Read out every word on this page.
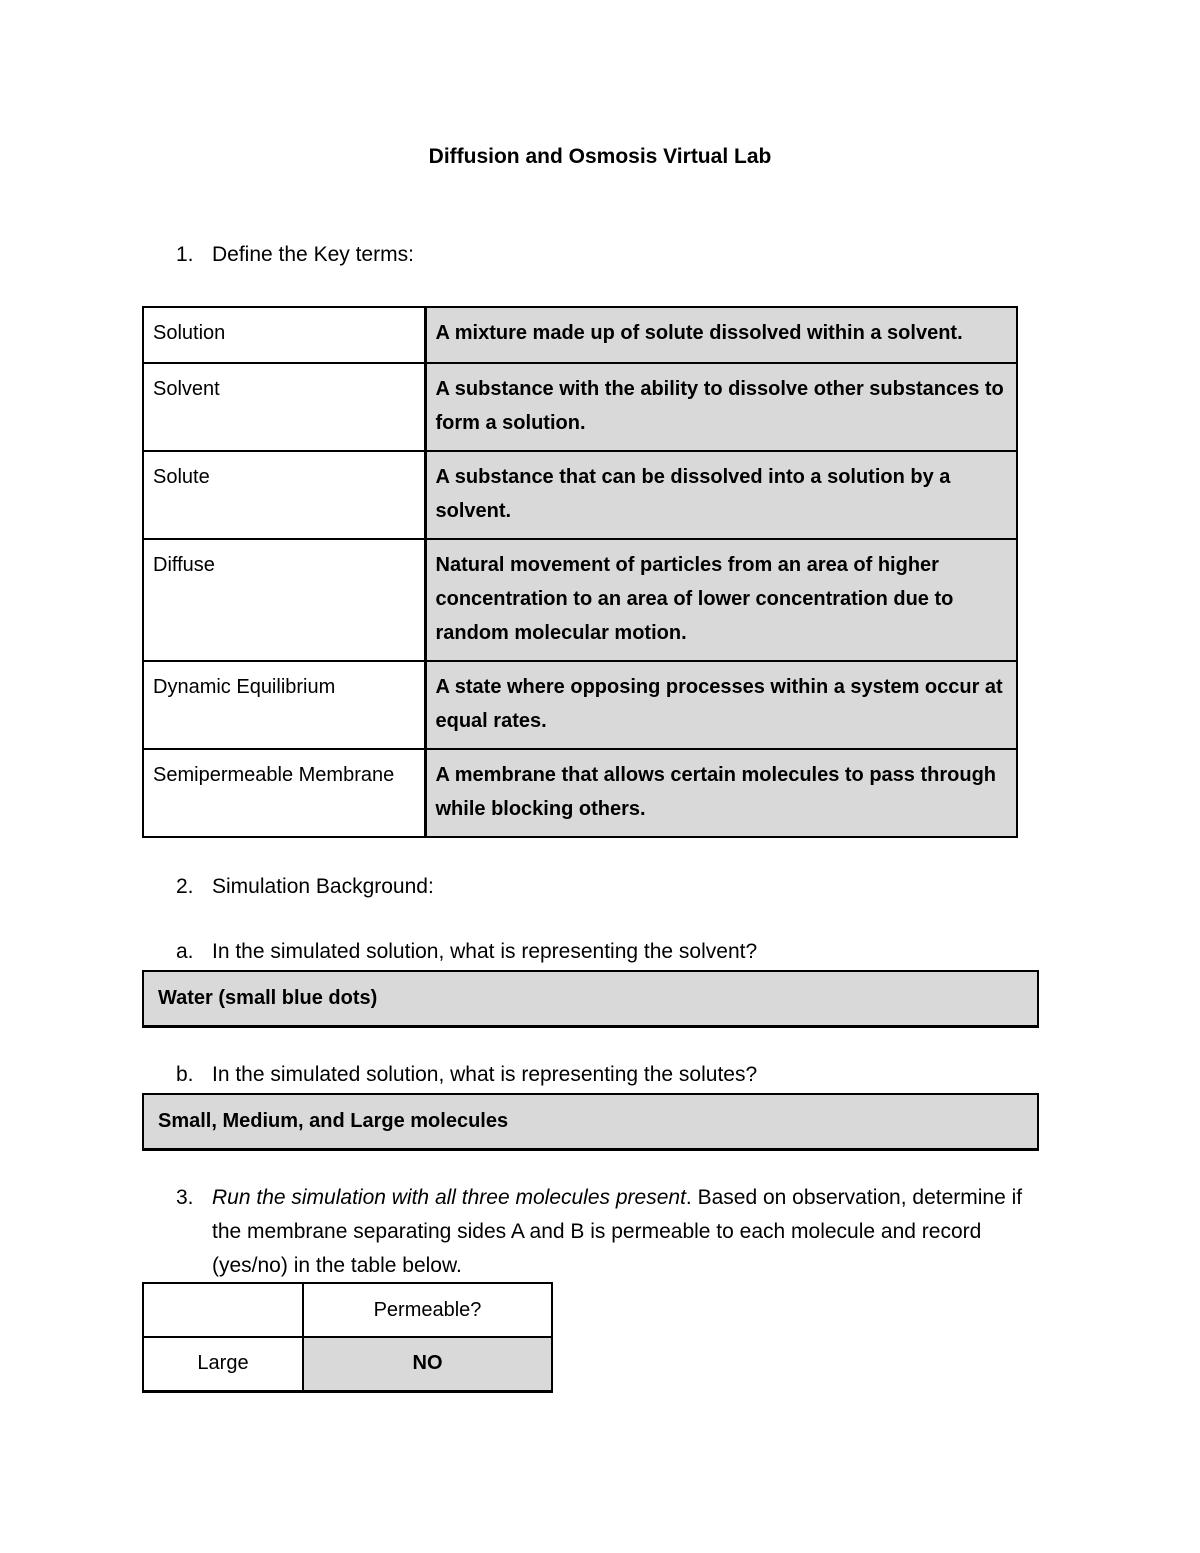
Diffusion and Osmosis Virtual Lab
1. Define the Key terms:
Solution	A mixture made up of solute dissolved within a solvent.
Solvent	A substance with the ability to dissolve other substances to form a solution.
Solute	A substance that can be dissolved into a solution by a solvent.
Diffuse	Natural movement of particles from an area of higher concentration to an area of lower concentration due to random molecular motion.
Dynamic Equilibrium	A state where opposing processes within a system occur at equal rates.
Semipermeable Membrane	A membrane that allows certain molecules to pass through while blocking others.
2. Simulation Background:
a. In the simulated solution, what is representing the solvent?
Water (small blue dots)
b. In the simulated solution, what is representing the solutes?
Small, Medium, and Large molecules
3. Run the simulation with all three molecules present. Based on observation, determine if
the membrane separating sides A and B is permeable to each molecule and record
(yes/no) in the table below.
	Permeable?
Large	NO
